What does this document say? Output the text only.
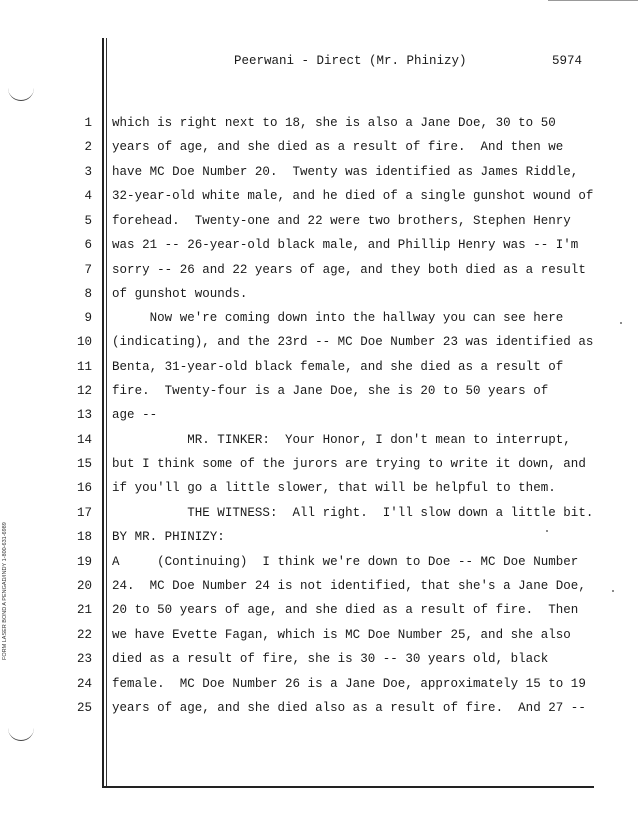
FORM LASER BOND A PENGAD/INDY 1-800-631-6989
Peerwani - Direct (Mr. Phinizy)	5974
1 which is right next to 18, she is also a Jane Doe, 30 to 50
2 years of age, and she died as a result of fire.  And then we
3 have MC Doe Number 20.  Twenty was identified as James Riddle,
4 32-year-old white male, and he died of a single gunshot wound of
5 forehead.  Twenty-one and 22 were two brothers, Stephen Henry
6 was 21 -- 26-year-old black male, and Phillip Henry was -- I'm
7 sorry -- 26 and 22 years of age, and they both died as a result
8 of gunshot wounds.
9 Now we're coming down into the hallway you can see here
10 (indicating), and the 23rd -- MC Doe Number 23 was identified as
11 Benta, 31-year-old black female, and she died as a result of
12 fire.  Twenty-four is a Jane Doe, she is 20 to 50 years of
13 age --
14 MR. TINKER:  Your Honor, I don't mean to interrupt,
15 but I think some of the jurors are trying to write it down, and
16 if you'll go a little slower, that will be helpful to them.
17 THE WITNESS:  All right.  I'll slow down a little bit.
18 BY MR. PHINIZY:
19 A     (Continuing)  I think we're down to Doe -- MC Doe Number
20 24.  MC Doe Number 24 is not identified, that she's a Jane Doe,
21 20 to 50 years of age, and she died as a result of fire.  Then
22 we have Evette Fagan, which is MC Doe Number 25, and she also
23 died as a result of fire, she is 30 -- 30 years old, black
24 female.  MC Doe Number 26 is a Jane Doe, approximately 15 to 19
25 years of age, and she died also as a result of fire.  And 27 --
